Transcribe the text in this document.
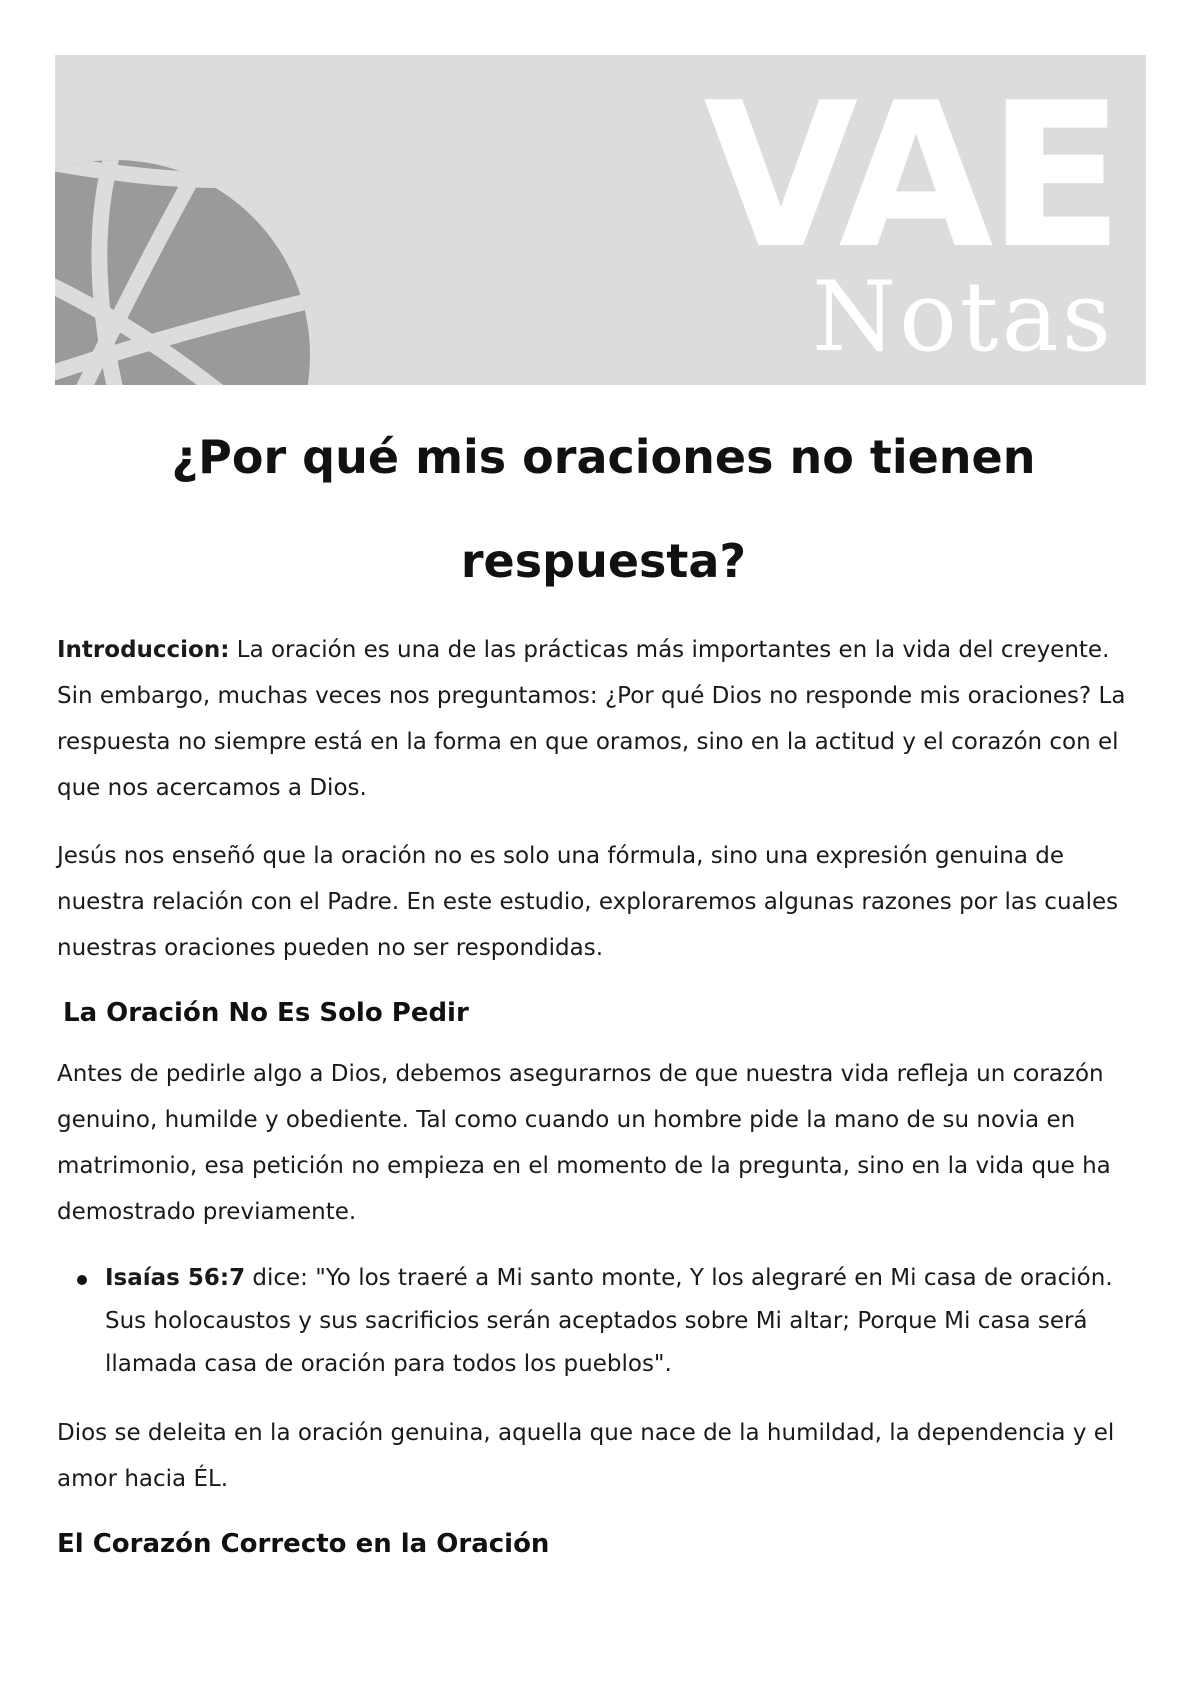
VAE
Notas
¿Por qué mis oraciones no tienen respuesta?

Introduccion: La oración es una de las prácticas más importantes en la vida del creyente. Sin embargo, muchas veces nos preguntamos: ¿Por qué Dios no responde mis oraciones? La respuesta no siempre está en la forma en que oramos, sino en la actitud y el corazón con el que nos acercamos a Dios.

Jesús nos enseñó que la oración no es solo una fórmula, sino una expresión genuina de nuestra relación con el Padre. En este estudio, exploraremos algunas razones por las cuales nuestras oraciones pueden no ser respondidas.

La Oración No Es Solo Pedir

Antes de pedirle algo a Dios, debemos asegurarnos de que nuestra vida refleja un corazón genuino, humilde y obediente. Tal como cuando un hombre pide la mano de su novia en matrimonio, esa petición no empieza en el momento de la pregunta, sino en la vida que ha demostrado previamente.

Isaías 56:7 dice: "Yo los traeré a Mi santo monte, Y los alegraré en Mi casa de oración. Sus holocaustos y sus sacrificios serán aceptados sobre Mi altar; Porque Mi casa será llamada casa de oración para todos los pueblos".

Dios se deleita en la oración genuina, aquella que nace de la humildad, la dependencia y el amor hacia ÉL.

El Corazón Correcto en la Oración
